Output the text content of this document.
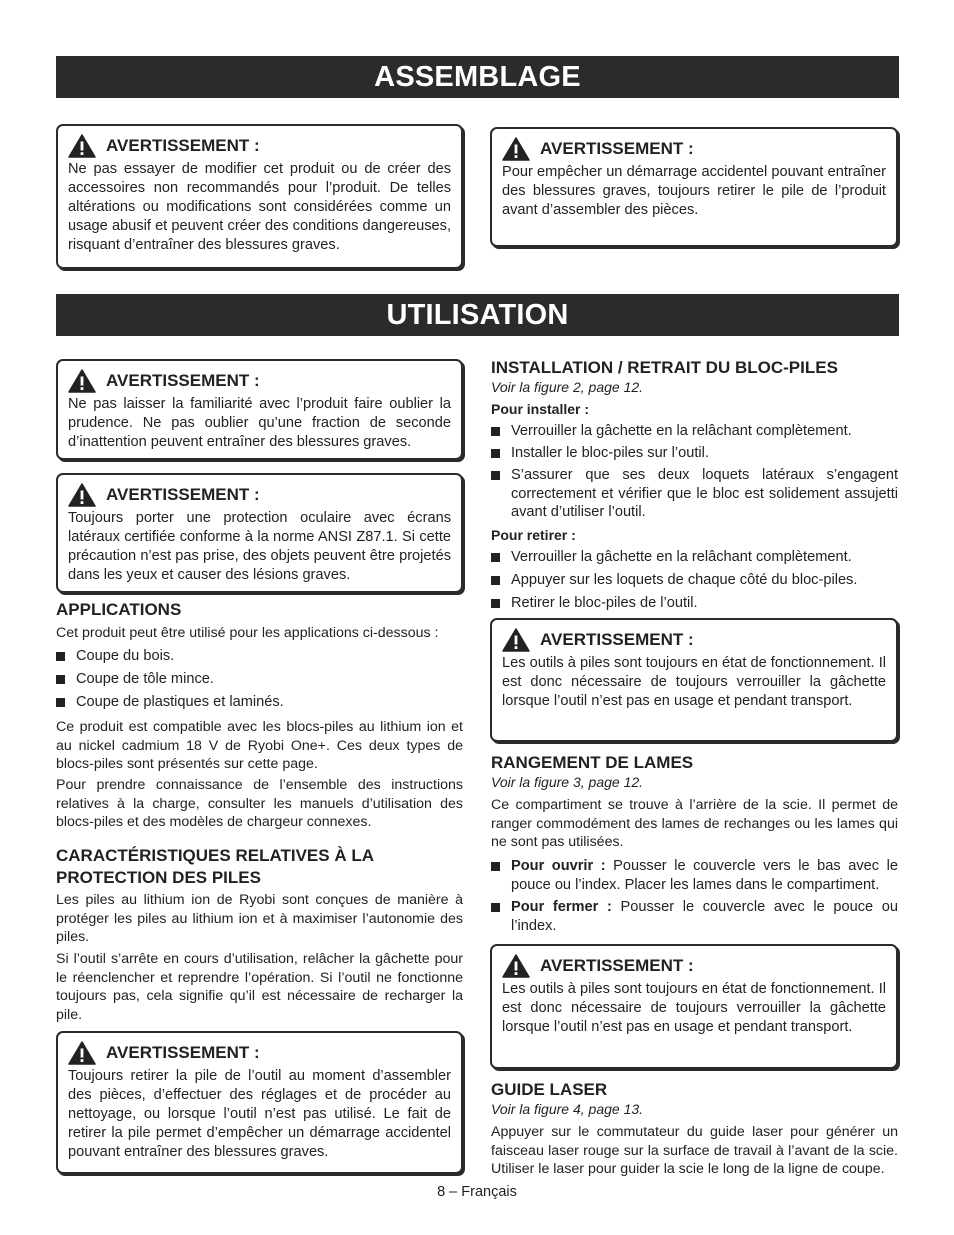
ASSEMBLAGE
AVERTISSEMENT :
Ne pas essayer de modifier cet produit ou de créer des accessoires non recommandés pour l’produit. De telles altérations ou modifications sont considérées comme un usage abusif et peuvent créer des conditions dangereuses, risquant d’entraîner des blessures graves.
AVERTISSEMENT :
Pour empêcher un démarrage accidentel pouvant entraîner des blessures graves, toujours retirer le pile de l’produit avant d’assembler des pièces.
UTILISATION
AVERTISSEMENT :
Ne pas laisser la familiarité avec l’produit faire oublier la prudence. Ne pas oublier qu’une fraction de seconde d’inattention peuvent entraîner des blessures graves.
AVERTISSEMENT :
Toujours porter une protection oculaire avec écrans latéraux certifiée conforme à la norme ANSI Z87.1. Si cette précaution n’est pas prise, des objets peuvent être projetés dans les yeux et causer des lésions graves.
APPLICATIONS
Cet produit peut être utilisé pour les applications ci-dessous :
Coupe du bois.
Coupe de tôle mince.
Coupe de plastiques et laminés.
Ce produit est compatible avec les blocs-piles au lithium ion et au nickel cadmium 18 V de Ryobi One+. Ces deux types de blocs-piles sont présentés sur cette page.
Pour prendre connaissance de l’ensemble des instructions relatives à la charge, consulter les manuels d’utilisation des blocs-piles et des modèles de chargeur connexes.
CARACTÉRISTIQUES RELATIVES À LA
PROTECTION DES PILES
Les piles au lithium ion de Ryobi sont conçues de manière à protéger les piles au lithium ion et à maximiser l’autonomie des piles.
Si l’outil s’arrête en cours d’utilisation, relâcher la gâchette pour le réenclencher et reprendre l’opération. Si l’outil ne fonctionne toujours pas, cela signifie qu’il est nécessaire de recharger la pile.
AVERTISSEMENT :
Toujours retirer la pile de l’outil au moment d’assembler des pièces, d’effectuer des réglages et de procéder au nettoyage, ou lorsque l’outil n’est pas utilisé. Le fait de retirer la pile permet d’empêcher un démarrage accidentel pouvant entraîner des blessures graves.
INSTALLATION / RETRAIT DU BLOC-PILES
Voir la figure 2, page 12.
Pour installer :
Verrouiller la gâchette en la relâchant complètement.
Installer le bloc-piles sur l’outil.
S’assurer que ses deux loquets latéraux s’engagent correctement et vérifier que le bloc est solidement assujetti avant d’utiliser l’outil.
Pour retirer :
Verrouiller la gâchette en la relâchant complètement.
Appuyer sur les loquets de chaque côté du bloc-piles.
Retirer le bloc-piles de l’outil.
AVERTISSEMENT :
Les outils à piles sont toujours en état de fonctionnement. Il est donc nécessaire de toujours verrouiller la gâchette lorsque l’outil n’est pas en usage et pendant transport.
RANGEMENT DE LAMES
Voir la figure 3, page 12.
Ce compartiment se trouve à l’arrière de la scie. Il permet de ranger commodément des lames de rechanges ou les lames qui ne sont pas utilisées.
Pour ouvrir : Pousser le couvercle vers le bas avec le pouce ou l’index. Placer les lames dans le compartiment.
Pour fermer : Pousser le couvercle avec le pouce ou l’index.
AVERTISSEMENT :
Les outils à piles sont toujours en état de fonctionnement. Il est donc nécessaire de toujours verrouiller la gâchette lorsque l’outil n’est pas en usage et pendant transport.
GUIDE LASER
Voir la figure 4, page 13.
Appuyer sur le commutateur du guide laser pour générer un faisceau laser rouge sur la surface de travail à l’avant de la scie. Utiliser le laser pour guider la scie le long de la ligne de coupe.
8 – Français
